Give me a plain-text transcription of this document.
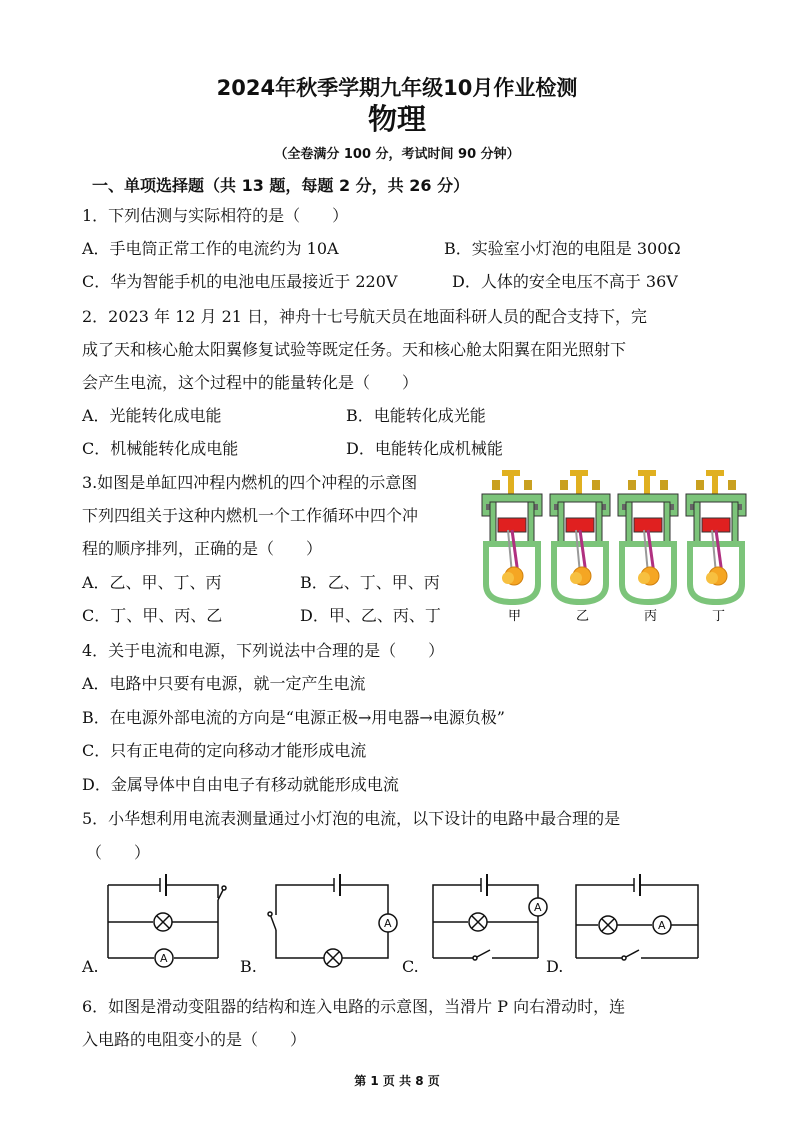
2024年秋季学期九年级10月作业检测
物理
（全卷满分 100 分，考试时间 90 分钟）
一、单项选择题（共 13 题，每题 2 分，共 26 分）
1．下列估测与实际相符的是（　　）
A．手电筒正常工作的电流约为 10A	B．实验室小灯泡的电阻是 300Ω
C．华为智能手机的电池电压最接近于 220V	D．人体的安全电压不高于 36V
2．2023 年 12 月 21 日，神舟十七号航天员在地面科研人员的配合支持下，完
成了天和核心舱太阳翼修复试验等既定任务。天和核心舱太阳翼在阳光照射下
会产生电流，这个过程中的能量转化是（　　）
A．光能转化成电能	B．电能转化成光能
C．机械能转化成电能	D．电能转化成机械能
3.如图是单缸四冲程内燃机的四个冲程的示意图
下列四组关于这种内燃机一个工作循环中四个冲
程的顺序排列，正确的是（　　）
A．乙、甲、丁、丙	B．乙、丁、甲、丙
C．丁、甲、丙、乙	D．甲、乙、丙、丁	甲	乙	丙	丁
4．关于电流和电源，下列说法中合理的是（　　）
A．电路中只要有电源，就一定产生电流
B．在电源外部电流的方向是“电源正极→用电器→电源负极”
C．只有正电荷的定向移动才能形成电流
D．金属导体中自由电子有移动就能形成电流
5．小华想利用电流表测量通过小灯泡的电流，以下设计的电路中最合理的是
（　　）
A
A
A
A
A.	B.	C.	D.
6．如图是滑动变阻器的结构和连入电路的示意图，当滑片 P 向右滑动时，连
入电路的电阻变小的是（　　）
第 1 页 共 8 页
